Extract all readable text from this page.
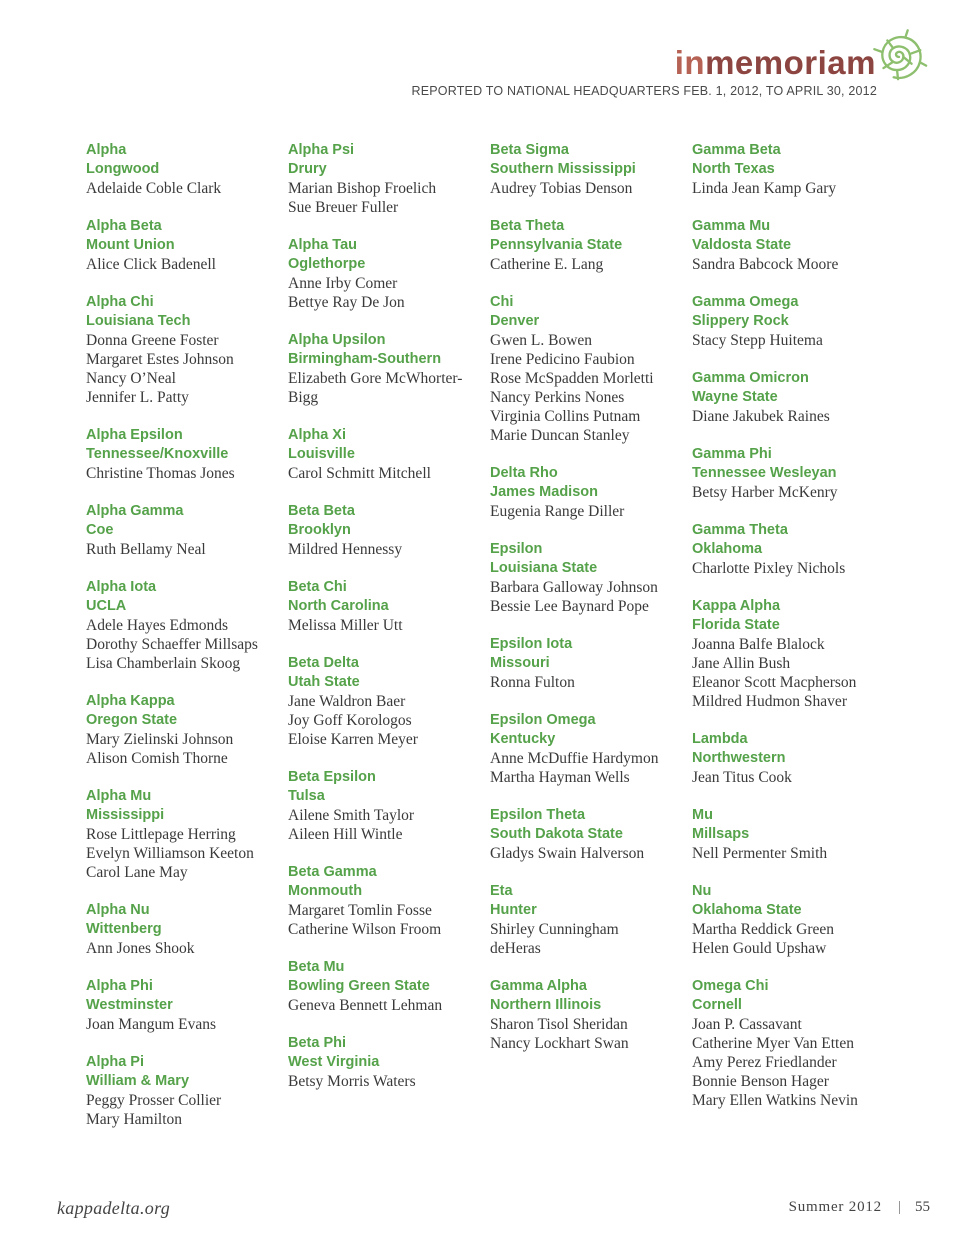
inmemoriam
REPORTED TO NATIONAL HEADQUARTERS FEB. 1, 2012, TO APRIL 30, 2012
Alpha
Longwood
Adelaide Coble Clark
Alpha Beta
Mount Union
Alice Click Badenell
Alpha Chi
Louisiana Tech
Donna Greene Foster
Margaret Estes Johnson
Nancy O’Neal
Jennifer L. Patty
Alpha Epsilon
Tennessee/Knoxville
Christine Thomas Jones
Alpha Gamma
Coe
Ruth Bellamy Neal
Alpha Iota
UCLA
Adele Hayes Edmonds
Dorothy Schaeffer Millsaps
Lisa Chamberlain Skoog
Alpha Kappa
Oregon State
Mary Zielinski Johnson
Alison Comish Thorne
Alpha Mu
Mississippi
Rose Littlepage Herring
Evelyn Williamson Keeton
Carol Lane May
Alpha Nu
Wittenberg
Ann Jones Shook
Alpha Phi
Westminster
Joan Mangum Evans
Alpha Pi
William & Mary
Peggy Prosser Collier
Mary Hamilton
Alpha Psi
Drury
Marian Bishop Froelich
Sue Breuer Fuller
Alpha Tau
Oglethorpe
Anne Irby Comer
Bettye Ray De Jon
Alpha Upsilon
Birmingham-Southern
Elizabeth Gore McWhorter-
Bigg
Alpha Xi
Louisville
Carol Schmitt Mitchell
Beta Beta
Brooklyn
Mildred Hennessy
Beta Chi
North Carolina
Melissa Miller Utt
Beta Delta
Utah State
Jane Waldron Baer
Joy Goff Korologos
Eloise Karren Meyer
Beta Epsilon
Tulsa
Ailene Smith Taylor
Aileen Hill Wintle
Beta Gamma
Monmouth
Margaret Tomlin Fosse
Catherine Wilson Froom
Beta Mu
Bowling Green State
Geneva Bennett Lehman
Beta Phi
West Virginia
Betsy Morris Waters
Beta Sigma
Southern Mississippi
Audrey Tobias Denson
Beta Theta
Pennsylvania State
Catherine E. Lang
Chi
Denver
Gwen L. Bowen
Irene Pedicino Faubion
Rose McSpadden Morletti
Nancy Perkins Nones
Virginia Collins Putnam
Marie Duncan Stanley
Delta Rho
James Madison
Eugenia Range Diller
Epsilon
Louisiana State
Barbara Galloway Johnson
Bessie Lee Baynard Pope
Epsilon Iota
Missouri
Ronna Fulton
Epsilon Omega
Kentucky
Anne McDuffie Hardymon
Martha Hayman Wells
Epsilon Theta
South Dakota State
Gladys Swain Halverson
Eta
Hunter
Shirley Cunningham
deHeras
Gamma Alpha
Northern Illinois
Sharon Tisol Sheridan
Nancy Lockhart Swan
Gamma Beta
North Texas
Linda Jean Kamp Gary
Gamma Mu
Valdosta State
Sandra Babcock Moore
Gamma Omega
Slippery Rock
Stacy Stepp Huitema
Gamma Omicron
Wayne State
Diane Jakubek Raines
Gamma Phi
Tennessee Wesleyan
Betsy Harber McKenry
Gamma Theta
Oklahoma
Charlotte Pixley Nichols
Kappa Alpha
Florida State
Joanna Balfe Blalock
Jane Allin Bush
Eleanor Scott Macpherson
Mildred Hudmon Shaver
Lambda
Northwestern
Jean Titus Cook
Mu
Millsaps
Nell Permenter Smith
Nu
Oklahoma State
Martha Reddick Green
Helen Gould Upshaw
Omega Chi
Cornell
Joan P. Cassavant
Catherine Myer Van Etten
Amy Perez Friedlander
Bonnie Benson Hager
Mary Ellen Watkins Nevin
kappadelta.org	Summer 2012 | 55
